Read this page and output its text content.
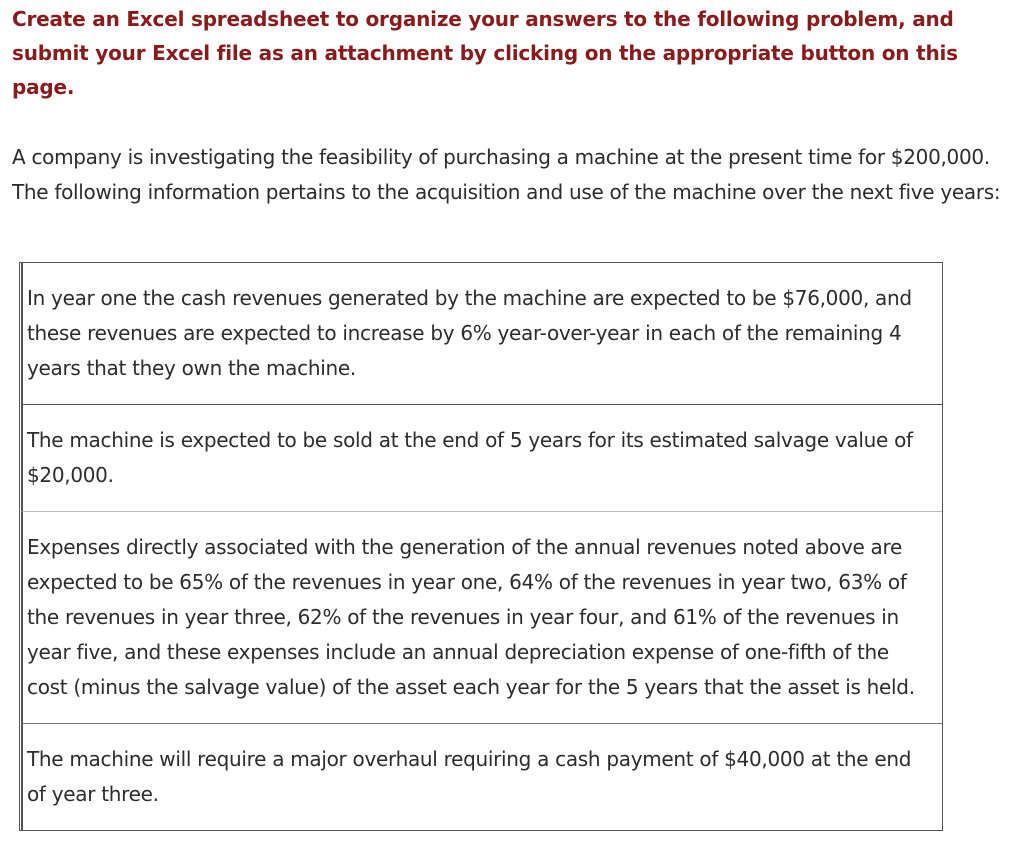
Create an Excel spreadsheet to organize your answers to the following problem, and submit your Excel file as an attachment by clicking on the appropriate button on this page.
A company is investigating the feasibility of purchasing a machine at the present time for $200,000. The following information pertains to the acquisition and use of the machine over the next five years:
In year one the cash revenues generated by the machine are expected to be $76,000, and these revenues are expected to increase by 6% year-over-year in each of the remaining 4 years that they own the machine.
The machine is expected to be sold at the end of 5 years for its estimated salvage value of $20,000.
Expenses directly associated with the generation of the annual revenues noted above are expected to be 65% of the revenues in year one, 64% of the revenues in year two, 63% of the revenues in year three, 62% of the revenues in year four, and 61% of the revenues in year five, and these expenses include an annual depreciation expense of one-fifth of the cost (minus the salvage value) of the asset each year for the 5 years that the asset is held.
The machine will require a major overhaul requiring a cash payment of $40,000 at the end of year three.
